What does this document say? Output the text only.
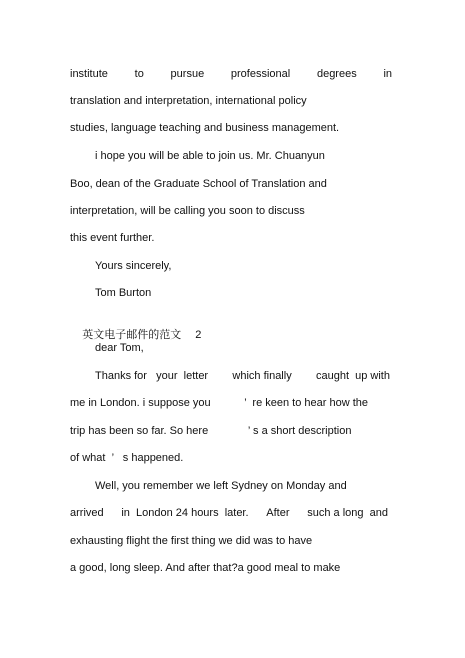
institute to pursue professional degrees in
translation and interpretation, international policy
studies, language teaching and business management.
i hope you will be able to join us. Mr. Chuanyun
Boo, dean of the Graduate School of Translation and
interpretation, will be calling you soon to discuss
this event further.
Yours sincerely,
Tom Burton

英文电子邮件的范文 2

dear Tom,
Thanks for   your  letter which finally caught  up with
me in London. i suppose you           ’  re keen to hear how the
trip has been so far. So here             ’ s a short description
of what  ’   s happened.
Well, you remember we left Sydney on Monday and
arrived in  London 24 hours  later. After such a long  and
exhausting flight the first thing we did was to have
a good, long sleep. And after that?a good meal to make
